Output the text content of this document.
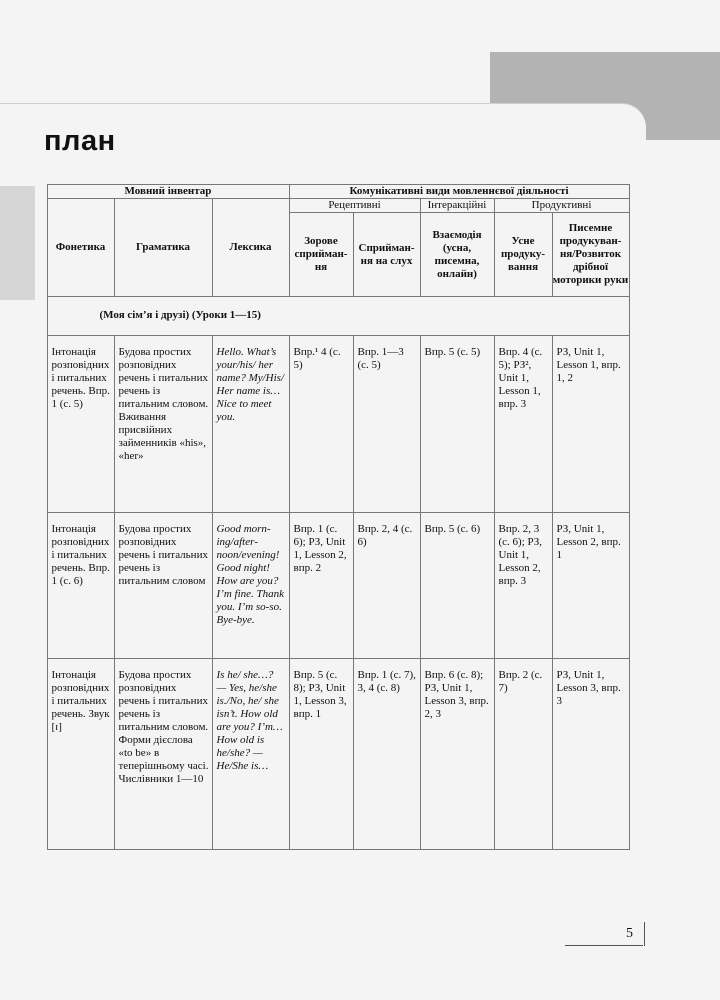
план
	Мовний інвентар			Комунікативні види мовленнєвої діяльності				
	Фонетика	Граматика	Лексика	Рецептивні		Інтеракційні	Продуктивні	
				Зорове сприйман-ня	Сприйман-ня на слух	Взаємодія (усна, писемна, онлайн)	Усне продуку-вання	Писемне продукуван-ня/Розвиток дрібної моторики руки

	(Моя сім’я і друзі) (Уроки 1—15)							
	Інтонація розповідних і питальних речень. Впр. 1 (с. 5)	Будова простих розповідних речень і питальних речень із питальним словом. Вживання присвійних займенників «his», «her»	Hello. What’s your/his/ her name? My/His/ Her name is… Nice to meet you.	Впр.¹ 4 (с. 5)	Впр. 1—3 (с. 5)	Впр. 5 (с. 5)	Впр. 4 (с. 5); РЗ², Unit 1, Lesson 1, впр. 3	РЗ, Unit 1, Lesson 1, впр. 1, 2
	Інтонація розповідних і питальних речень. Впр. 1 (с. 6)	Будова простих розповідних речень і питальних речень із питальним словом	Good morning/afternoon/evening! Good night! How are you? I’m fine. Thank you. I’m so-so. Bye-bye.	Впр. 1 (с. 6); РЗ, Unit 1, Lesson 2, впр. 2	Впр. 2, 4 (с. 6)	Впр. 5 (с. 6)	Впр. 2, 3 (с. 6); РЗ, Unit 1, Lesson 2, впр. 3	РЗ, Unit 1, Lesson 2, впр. 1
	Інтонація розповідних і питальних речень. Звук [ɪ]	Будова простих розповідних речень і питальних речень із питальним словом. Форми дієслова «to be» в теперішньому часі. Числівники 1—10	Is he/ she…? — Yes, he/she is./No, he/ she isn’t. How old are you? I’m… How old is he/she? — He/She is…	Впр. 5 (с. 8); РЗ, Unit 1, Lesson 3, впр. 1	Впр. 1 (с. 7), 3, 4 (с. 8)	Впр. 6 (с. 8); РЗ, Unit 1, Lesson 3, впр. 2, 3	Впр. 2 (с. 7)	РЗ, Unit 1, Lesson 3, впр. 3
5
